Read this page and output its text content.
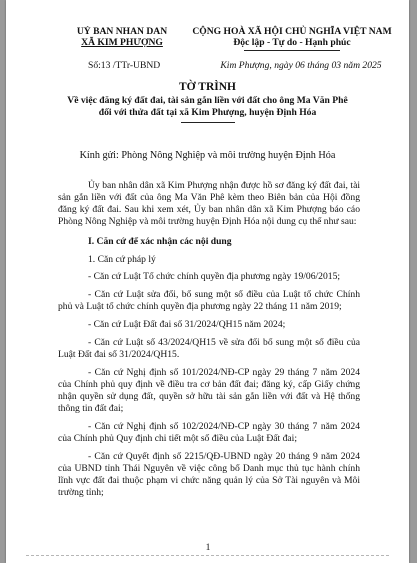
UỶ BAN NHAN DAN
XÃ KIM PHƯỢNG
CỘNG HOÀ XÃ HỘI CHỦ NGHĨA VIỆT NAM
Độc lập - Tự do - Hạnh phúc
Số:13 /TTr-UBND	Kim Phượng, ngày 06 tháng 03 năm 2025
TỜ TRÌNH
Về việc đăng ký đất đai, tài sản gắn liền với đất cho ông Ma Văn Phê
đối với thửa đất tại xã Kim Phượng, huyện Định Hóa
Kính gửi: Phòng Nông Nghiệp và môi trường huyện Định Hóa
Ủy ban nhân dân xã Kim Phượng nhận được hồ sơ đăng ký đất đai, tài sản gắn liền với đất của ông Ma Văn Phê kèm theo Biên bản của Hội đồng đăng ký đất đai. Sau khi xem xét, Ủy ban nhân dân xã Kim Phượng báo cáo Phòng Nông Nghiệp và môi trường huyện Định Hóa nội dung cụ thể như sau:
I. Căn cứ để xác nhận các nội dung
1. Căn cứ pháp lý
- Căn cứ Luật Tổ chức chính quyền địa phương ngày 19/06/2015;
- Căn cứ Luật sửa đổi, bổ sung một số điều của Luật tổ chức Chính phủ và Luật tổ chức chính quyền địa phương ngày 22 tháng 11 năm 2019;
- Căn cứ Luật Đất đai số 31/2024/QH15 năm 2024;
- Căn cứ Luật số 43/2024/QH15 về sửa đổi bổ sung một số điều của Luật Đất đai số 31/2024/QH15.
- Căn cứ Nghị định số 101/2024/NĐ-CP ngày 29 tháng 7 năm 2024 của Chính phủ quy định về điều tra cơ bản đất đai; đăng ký, cấp Giấy chứng nhận quyền sử dụng đất, quyền sở hữu tài sản gắn liền với đất và Hệ thống thông tin đất đai;
- Căn cứ Nghị định số 102/2024/NĐ-CP ngày 30 tháng 7 năm 2024 của Chính phủ Quy định chi tiết một số điều của Luật Đất đai;
- Căn cứ Quyết định số 2215/QĐ-UBND ngày 20 tháng 9 năm 2024 của UBND tỉnh Thái Nguyên về việc công bố Danh mục thủ tục hành chính lĩnh vực đất đai thuộc phạm vi chức năng quản lý của Sở Tài nguyên và Môi trường tỉnh;
1
